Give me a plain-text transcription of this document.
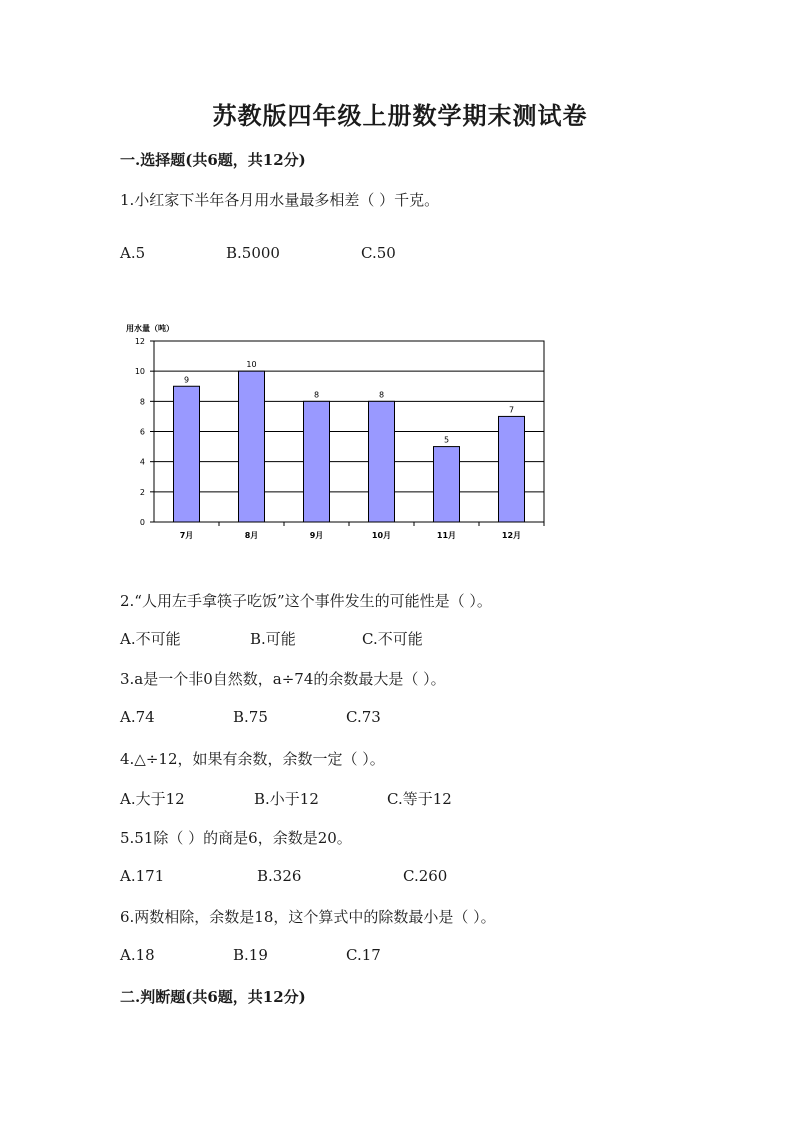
苏教版四年级上册数学期末测试卷
一.选择题(共6题，共12分)
1.小红家下半年各月用水量最多相差（ ）千克。
A.5	B.5000	C.50
0
2
4
6
8
10
12
用水量（吨）
9
7月
10
8月
8
9月
8
10月
5
11月
7
12月
2.“人用左手拿筷子吃饭”这个事件发生的可能性是（ ）。
A.不可能	B.可能	C.不可能
3.a是一个非0自然数，a÷74的余数最大是（ ）。
A.74	B.75	C.73
4.△÷12，如果有余数，余数一定（ ）。
A.大于12	B.小于12	C.等于12
5.51除（ ）的商是6，余数是20。
A.171	B.326	C.260
6.两数相除，余数是18，这个算式中的除数最小是（ ）。
A.18	B.19	C.17
二.判断题(共6题，共12分)
